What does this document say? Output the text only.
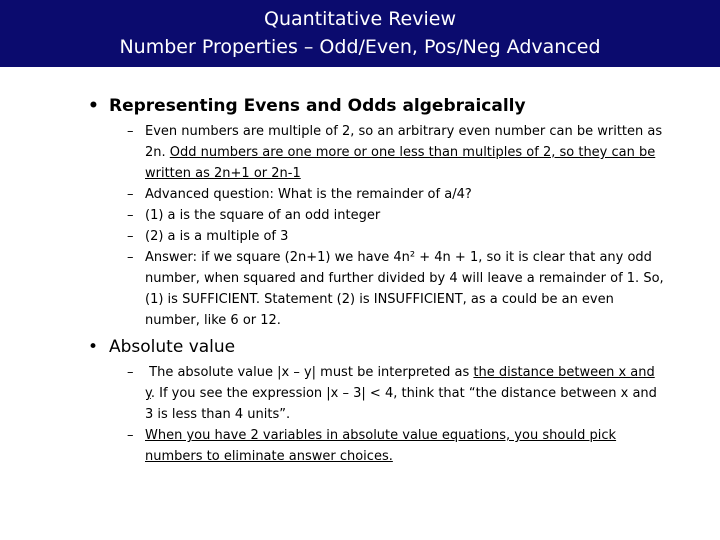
Quantitative Review
Number Properties – Odd/Even, Pos/Neg Advanced
• Representing Evens and Odds algebraically
– Even numbers are multiple of 2, so an arbitrary even number can be written as 2n. Odd numbers are one more or one less than multiples of 2, so they can be written as 2n+1 or 2n-1
– Advanced question: What is the remainder of a/4?
– (1) a is the square of an odd integer
– (2) a is a multiple of 3
– Answer: if we square (2n+1) we have 4n² + 4n + 1, so it is clear that any odd number, when squared and further divided by 4 will leave a remainder of 1. So, (1) is SUFFICIENT. Statement (2) is INSUFFICIENT, as a could be an even number, like 6 or 12.
• Absolute value
–	The absolute value |x – y| must be interpreted as the distance between x and y. If you see the expression |x – 3| < 4, think that “the distance between x and 3 is less than 4 units”.
– When you have 2 variables in absolute value equations, you should pick numbers to eliminate answer choices.
